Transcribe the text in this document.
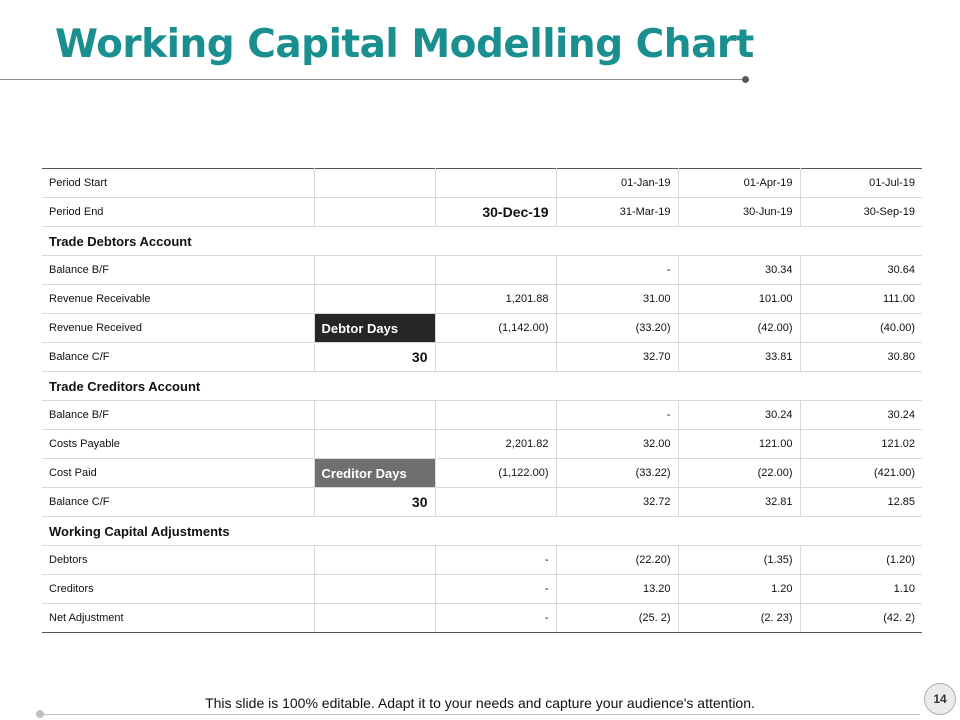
Working Capital Modelling Chart
Period Start			01-Jan-19	01-Apr-19	01-Jul-19
Period End		30-Dec-19	31-Mar-19	30-Jun-19	30-Sep-19
Trade Debtors Account					
Balance B/F			-	30.34	30.64
Revenue Receivable		1,201.88	31.00	101.00	111.00
Revenue Received	Debtor Days	(1,142.00)	(33.20)	(42.00)	(40.00)
Balance C/F	30		32.70	33.81	30.80
Trade Creditors Account					
Balance B/F			-	30.24	30.24
Costs Payable		2,201.82	32.00	121.00	121.02
Cost Paid	Creditor Days	(1,122.00)	(33.22)	(22.00)	(421.00)
Balance C/F	30		32.72	32.81	12.85
Working Capital Adjustments					
Debtors		-	(22.20)	(1.35)	(1.20)
Creditors		-	13.20	1.20	1.10
Net Adjustment		-	(25. 2)	(2. 23)	(42. 2)
This slide is 100% editable. Adapt it to your needs and capture your audience's attention.	14
